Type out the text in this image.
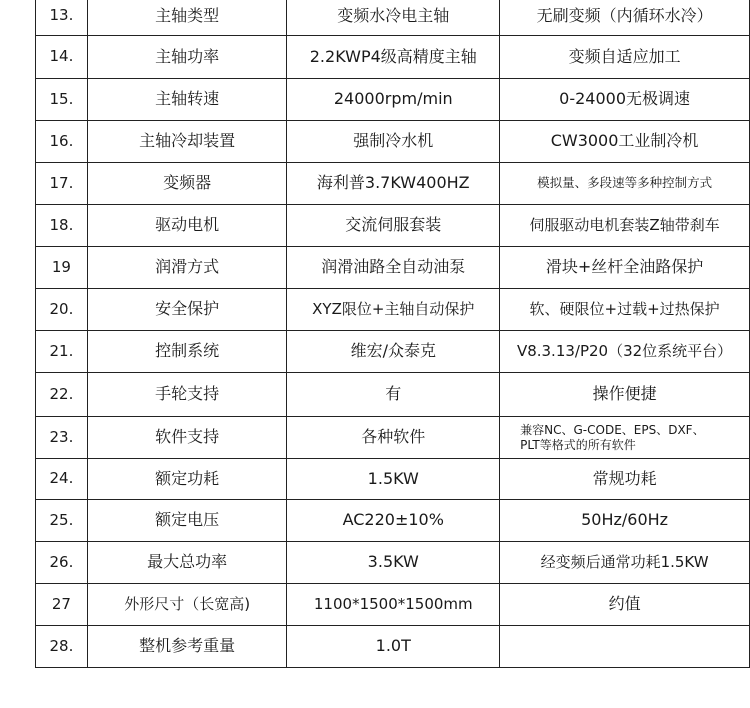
13.	主轴类型	变频水冷电主轴	无刷变频（内循环水冷）
14.	主轴功率	2.2KWP4级高精度主轴	变频自适应加工
15.	主轴转速	24000rpm/min	0-24000无极调速
16.	主轴冷却装置	强制冷水机	CW3000工业制冷机
17.	变频器	海利普3.7KW400HZ	模拟量、多段速等多种控制方式
18.	驱动电机	交流伺服套装	伺服驱动电机套装Z轴带刹车
19	润滑方式	润滑油路全自动油泵	滑块+丝杆全油路保护
20.	安全保护	XYZ限位+主轴自动保护	软、硬限位+过载+过热保护
21.	控制系统	维宏/众泰克	V8.3.13/P20（32位系统平台）
22.	手轮支持	有	操作便捷
23.	软件支持	各种软件	兼容NC、G-CODE、EPS、DXF、
PLT等格式的所有软件
24.	额定功耗	1.5KW	常规功耗
25.	额定电压	AC220±10%	50Hz/60Hz
26.	最大总功率	3.5KW	经变频后通常功耗1.5KW
27	外形尺寸（长宽高)	1100*1500*1500mm	约值
28.	整机参考重量	1.0T	
